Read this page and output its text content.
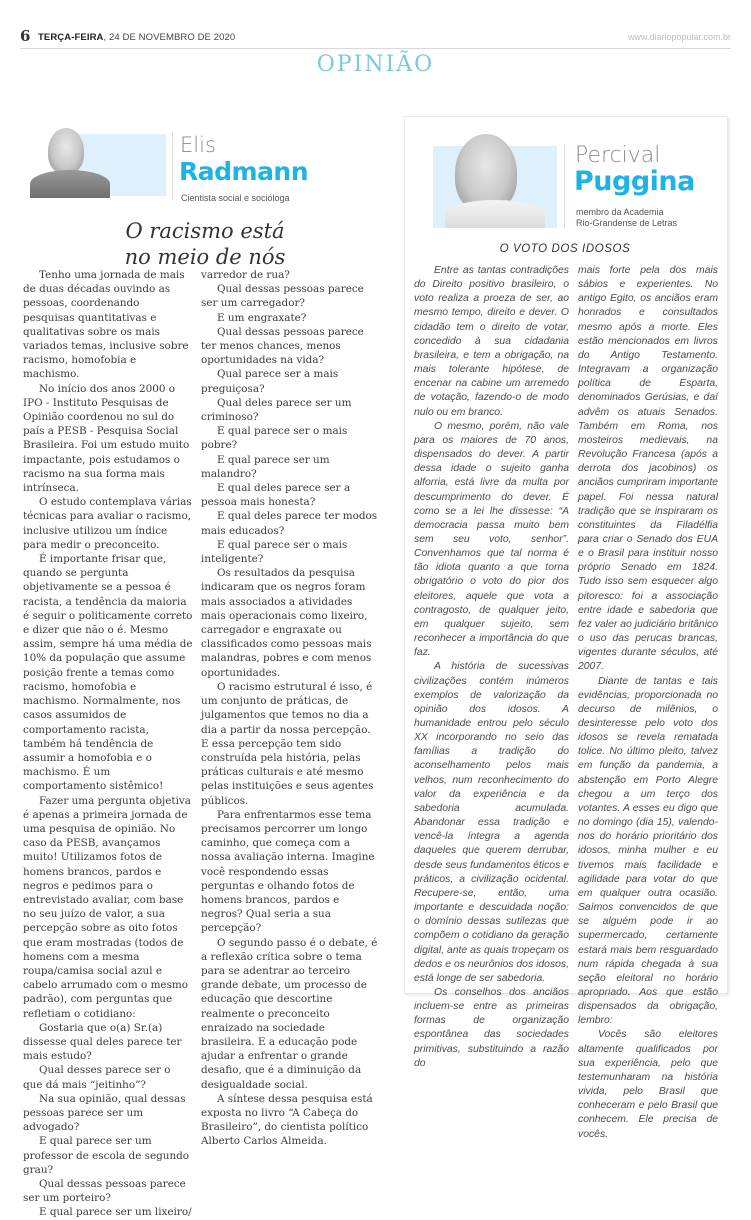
6 TERÇA-FEIRA, 24 DE NOVEMBRO DE 2020	www.diariopopular.com.br
OPINIÃO
Elis
Radmann
Cientista social e socióloga
O racismo está
no meio de nós

Tenho uma jornada de mais de duas décadas ouvindo as pessoas, coordenando pesquisas quantitativas e qualitativas sobre os mais variados temas, inclusive sobre racismo, homofobia e machismo.

No início dos anos 2000 o IPO - Instituto Pesquisas de Opinião coordenou no sul do país a PESB - Pesquisa Social Brasileira. Foi um estudo muito impactante, pois estudamos o racismo na sua forma mais intrínseca.

O estudo contemplava várias técnicas para avaliar o racismo, inclusive utilizou um índice para medir o preconceito.

É importante frisar que, quando se pergunta objetivamente se a pessoa é racista, a tendência da maioria é seguir o politicamente correto e dizer que não o é. Mesmo assim, sempre há uma média de 10% da população que assume posição frente a temas como racismo, homofobia e machismo. Normalmente, nos casos assumidos de comportamento racista, também há tendência de assumir a homofobia e o machismo. É um comportamento sistêmico!

Fazer uma pergunta objetiva é apenas a primeira jornada de uma pesquisa de opinião. No caso da PESB, avançamos muito! Utilizamos fotos de homens brancos, pardos e negros e pedimos para o entrevistado avaliar, com base no seu juízo de valor, a sua percepção sobre as oito fotos que eram mostradas (todos de homens com a mesma roupa/camisa social azul e cabelo arrumado com o mesmo padrão), com perguntas que refletiam o cotidiano:

Gostaria que o(a) Sr.(a) dissesse qual deles parece ter mais estudo?

Qual desses parece ser o que dá mais “jeitinho”?

Na sua opinião, qual dessas pessoas parece ser um advogado?

E qual parece ser um professor de escola de segundo grau?

Qual dessas pessoas parece ser um porteiro?

E qual parece ser um lixeiro/

varredor de rua?

Qual dessas pessoas parece ser um carregador?

E um engraxate?

Qual dessas pessoas parece ter menos chances, menos oportunidades na vida?

Qual parece ser a mais preguiçosa?

Qual deles parece ser um criminoso?

E qual parece ser o mais pobre?

E qual parece ser um malandro?

E qual deles parece ser a pessoa mais honesta?

E qual deles parece ter modos mais educados?

E qual parece ser o mais inteligente?

Os resultados da pesquisa indicaram que os negros foram mais associados a atividades mais operacionais como lixeiro, carregador e engraxate ou classificados como pessoas mais malandras, pobres e com menos oportunidades.

O racismo estrutural é isso, é um conjunto de práticas, de julgamentos que temos no dia a dia a partir da nossa percepção. E essa percepção tem sido construída pela história, pelas práticas culturais e até mesmo pelas instituições e seus agentes públicos.

Para enfrentarmos esse tema precisamos percorrer um longo caminho, que começa com a nossa avaliação interna. Imagine você respondendo essas perguntas e olhando fotos de homens brancos, pardos e negros? Qual seria a sua percepção?

O segundo passo é o debate, é a reflexão crítica sobre o tema para se adentrar ao terceiro grande debate, um processo de educação que descortine realmente o preconceito enraizado na sociedade brasileira. E a educação pode ajudar a enfrentar o grande desafio, que é a diminuição da desigualdade social.

A síntese dessa pesquisa está exposta no livro “A Cabeça do Brasileiro”, do cientista político Alberto Carlos Almeida.

Percival
Puggina
membro da Academia
Rio-Grandense de Letras
O VOTO DOS IDOSOS

Entre as tantas contradições do Direito positivo brasileiro, o voto realiza a proeza de ser, ao mesmo tempo, direito e dever. O cidadão tem o direito de votar, concedido à sua cidadania brasileira, e tem a obrigação, na mais tolerante hipótese, de encenar na cabine um arremedo de votação, fazendo-o de modo nulo ou em branco.

O mesmo, porém, não vale para os maiores de 70 anos, dispensados do dever. A partir dessa idade o sujeito ganha alforria, está livre da multa por descumprimento do dever. É como se a lei lhe dissesse: “A democracia passa muito bem sem seu voto, senhor”. Convenhamos que tal norma é tão idiota quanto a que torna obrigatório o voto do pior dos eleitores, aquele que vota a contragosto, de qualquer jeito, em qualquer sujeito, sem reconhecer a importância do que faz.

A história de sucessivas civilizações contém inúmeros exemplos de valorização da opinião dos idosos. A humanidade entrou pelo século XX incorporando no seio das famílias a tradição do aconselhamento pelos mais velhos, num reconhecimento do valor da experiência e da sabedoria acumulada. Abandonar essa tradição e vencê-la íntegra a agenda daqueles que querem derrubar, desde seus fundamentos éticos e práticos, a civilização ocidental. Recupere-se, então, uma importante e descuidada noção: o domínio dessas sutilezas que compõem o cotidiano da geração digital, ante as quais tropeçam os dedos e os neurônios dos idosos, está longe de ser sabedoria.

Os conselhos dos anciãos incluem-se entre as primeiras formas de organização espontânea das sociedades primitivas, substituindo a razão do

mais forte pela dos mais sábios e experientes. No antigo Egito, os anciãos eram honrados e consultados mesmo após a morte. Eles estão mencionados em livros do Antigo Testamento. Integravam a organização política de Esparta, denominados Gerúsias, e daí advêm os atuais Senados. Também em Roma, nos mosteiros medievais, na Revolução Francesa (após a derrota dos jacobinos) os anciãos cumpriram importante papel. Foi nessa natural tradição que se inspiraram os constituintes da Filadélfia para criar o Senado dos EUA e o Brasil para instituir nosso próprio Senado em 1824. Tudo isso sem esquecer algo pitoresco: foi a associação entre idade e sabedoria que fez valer ao judiciário britânico o uso das perucas brancas, vigentes durante séculos, até 2007.

Diante de tantas e tais evidências, proporcionada no decurso de milênios, o desinteresse pelo voto dos idosos se revela rematada tolice. No último pleito, talvez em função da pandemia, a abstenção em Porto Alegre chegou a um terço dos votantes. A esses eu digo que no domingo (dia 15), valendo-nos do horário prioritário dos idosos, minha mulher e eu tivemos mais facilidade e agilidade para votar do que em qualquer outra ocasião. Saímos convencidos de que se alguém pode ir ao supermercado, certamente estará mais bem resguardado num rápida chegada à sua seção eleitoral no horário apropriado. Aos que estão dispensados da obrigação, lembro:

Vocês são eleitores altamente qualificados por sua experiência, pelo que testemunharam na história vivida, pelo Brasil que conheceram e pelo Brasil que conhecem. Ele precisa de vocês.
